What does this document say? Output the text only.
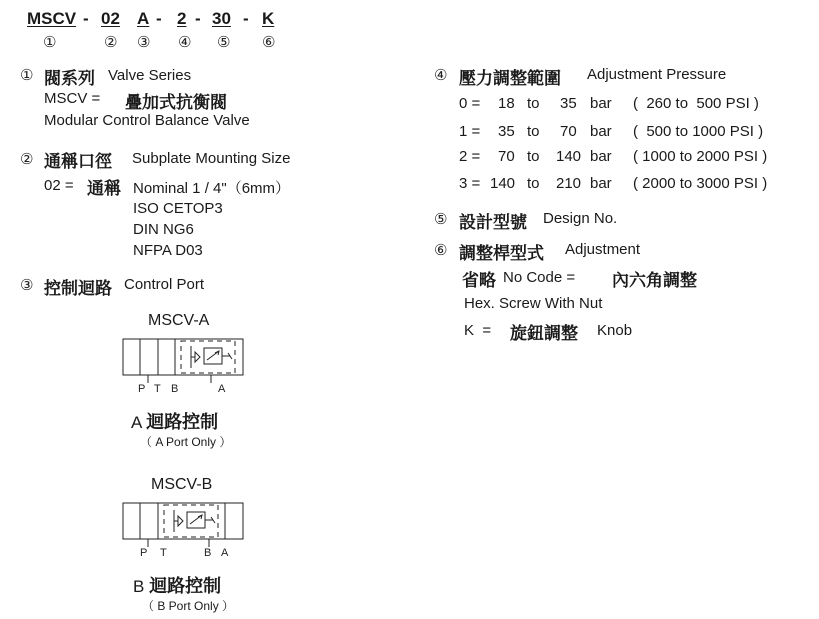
MSCV - 02 A - 2 - 30 - K
①	② ③ ④ ⑤ ⑥
① 閥系列 Valve Series
MSCV = 疊加式抗衡閥
Modular Control Balance Valve
② 通稱口徑 Subplate Mounting Size
02 = 通稱 Nominal 1 / 4"（6mm）
ISO CETOP3
DIN NG6
NFPA D03
③ 控制迴路 Control Port
MSCV-A
P T B	A
A 迴路控制
（ A Port Only ）
MSCV-B
P T	B A
B 迴路控制
（ B Port Only ）
④ 壓力調整範圍 Adjustment Pressure
0 = 18 to 35 bar (  260 to  500 PSI )
1 = 35 to 70 bar (  500 to 1000 PSI )
2 = 70 to 140 bar ( 1000 to 2000 PSI )
3 = 140 to 210 bar ( 2000 to 3000 PSI )
⑤ 設計型號 Design No.
⑥ 調整桿型式 Adjustment
省略 No Code = 內六角調整
Hex. Screw With Nut
K  = 旋鈕調整 Knob
